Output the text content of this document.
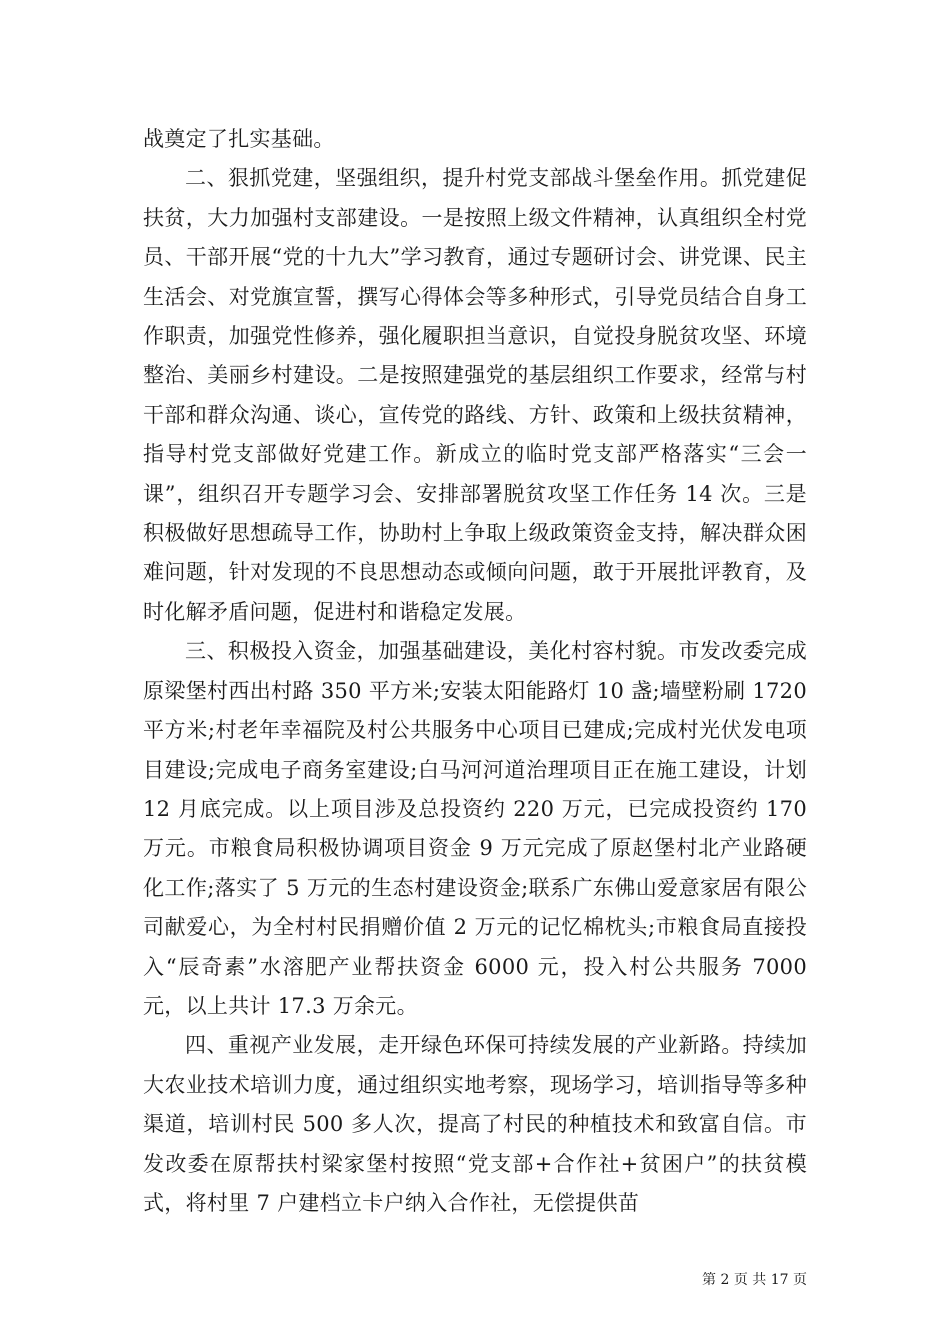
战奠定了扎实基础。

二、狠抓党建，坚强组织，提升村党支部战斗堡垒作用。抓党建促扶贫，大力加强村支部建设。一是按照上级文件精神，认真组织全村党员、干部开展“党的十九大”学习教育，通过专题研讨会、讲党课、民主生活会、对党旗宣誓，撰写心得体会等多种形式，引导党员结合自身工作职责，加强党性修养，强化履职担当意识，自觉投身脱贫攻坚、环境整治、美丽乡村建设。二是按照建强党的基层组织工作要求，经常与村干部和群众沟通、谈心，宣传党的路线、方针、政策和上级扶贫精神，指导村党支部做好党建工作。新成立的临时党支部严格落实“三会一课”，组织召开专题学习会、安排部署脱贫攻坚工作任务 14 次。三是积极做好思想疏导工作，协助村上争取上级政策资金支持，解决群众困难问题，针对发现的不良思想动态或倾向问题，敢于开展批评教育，及时化解矛盾问题，促进村和谐稳定发展。

三、积极投入资金，加强基础建设，美化村容村貌。市发改委完成原梁堡村西出村路 350 平方米;安装太阳能路灯 10 盏;墙壁粉刷 1720 平方米;村老年幸福院及村公共服务中心项目已建成;完成村光伏发电项目建设;完成电子商务室建设;白马河河道治理项目正在施工建设，计划 12 月底完成。以上项目涉及总投资约 220 万元，已完成投资约 170 万元。市粮食局积极协调项目资金 9 万元完成了原赵堡村北产业路硬化工作;落实了 5 万元的生态村建设资金;联系广东佛山爱意家居有限公司献爱心，为全村村民捐赠价值 2 万元的记忆棉枕头;市粮食局直接投入“辰奇素”水溶肥产业帮扶资金 6000 元，投入村公共服务 7000 元，以上共计 17.3 万余元。

四、重视产业发展，走开绿色环保可持续发展的产业新路。持续加大农业技术培训力度，通过组织实地考察，现场学习，培训指导等多种渠道，培训村民 500 多人次，提高了村民的种植技术和致富自信。市发改委在原帮扶村梁家堡村按照“党支部+合作社+贫困户”的扶贫模式，将村里 7 户建档立卡户纳入合作社，无偿提供苗

第 2 页 共 17 页
